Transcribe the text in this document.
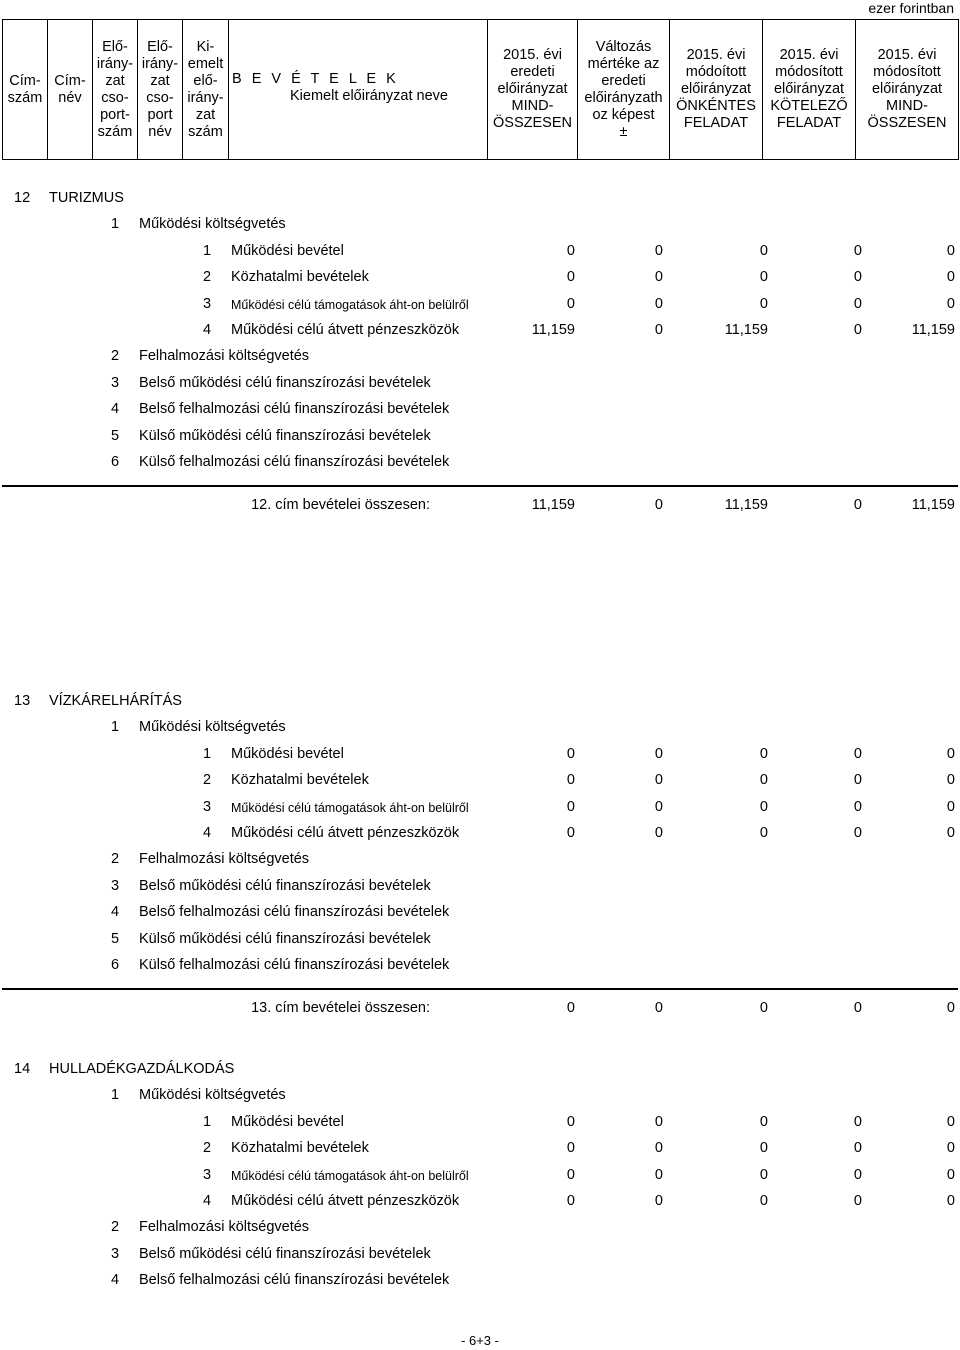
ezer forintban
Cím-
szám	Cím-
név	Elő-
irány-
zat
cso-
port-
szám	Elő-
irány-
zat
cso-
port
név	Ki-
emelt
elő-
irány-
zat
szám	
B E V É T E L E K
Kiemelt előirányzat neve
	2015. évi
eredeti
előirányzat
MIND-
ÖSSZESEN	Változás
mértéke az
eredeti
előirányzath
oz képest
±	2015. évi
módoított
előirányzat
ÖNKÉNTES
FELADAT	2015. évi
módosított
előirányzat
KÖTELEZŐ
FELADAT	2015. évi
módosított
előirányzat
MIND-
ÖSSZESEN
12 TURIZMUS
1 Működési költségvetés
1 Működési bevétel	0	0	0	0	0
2 Közhatalmi bevételek	0	0	0	0	0
3 Működési célú támogatások áht-on belülről	0	0	0	0	0
4 Működési célú átvett pénzeszközök	11,159	0	11,159	0	11,159
2 Felhalmozási költségvetés
3 Belső működési célú finanszírozási bevételek
4 Belső felhalmozási célú finanszírozási bevételek
5 Külső működési célú finanszírozási bevételek
6 Külső felhalmozási célú finanszírozási bevételek
12. cím bevételei összesen:	11,159	0	11,159	0	11,159
13 VÍZKÁRELHÁRÍTÁS
1 Működési költségvetés
1 Működési bevétel	0	0	0	0	0
2 Közhatalmi bevételek	0	0	0	0	0
3 Működési célú támogatások áht-on belülről	0	0	0	0	0
4 Működési célú átvett pénzeszközök	0	0	0	0	0
2 Felhalmozási költségvetés
3 Belső működési célú finanszírozási bevételek
4 Belső felhalmozási célú finanszírozási bevételek
5 Külső működési célú finanszírozási bevételek
6 Külső felhalmozási célú finanszírozási bevételek
13. cím bevételei összesen:	0	0	0	0	0
14 HULLADÉKGAZDÁLKODÁS
1 Működési költségvetés
1 Működési bevétel	0	0	0	0	0
2 Közhatalmi bevételek	0	0	0	0	0
3 Működési célú támogatások áht-on belülről	0	0	0	0	0
4 Működési célú átvett pénzeszközök	0	0	0	0	0
2 Felhalmozási költségvetés
3 Belső működési célú finanszírozási bevételek
4 Belső felhalmozási célú finanszírozási bevételek
- 6+3 -
